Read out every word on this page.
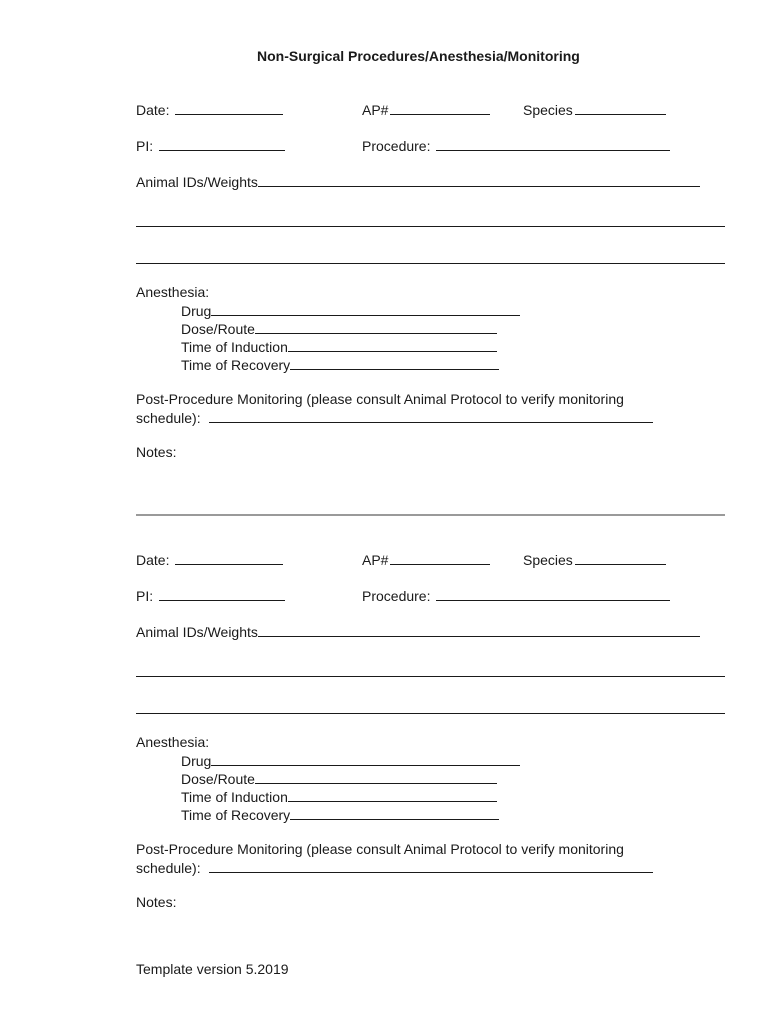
Non-Surgical Procedures/Anesthesia/Monitoring
Date:	AP#	Species
PI:	Procedure:
Animal IDs/Weights
Anesthesia:
Drug
Dose/Route
Time of Induction
Time of Recovery
Post-Procedure Monitoring (please consult Animal Protocol to verify monitoring
schedule):
Notes:
Date:	AP#	Species
PI:	Procedure:
Animal IDs/Weights
Anesthesia:
Drug
Dose/Route
Time of Induction
Time of Recovery
Post-Procedure Monitoring (please consult Animal Protocol to verify monitoring
schedule):
Notes:
Template version 5.2019
